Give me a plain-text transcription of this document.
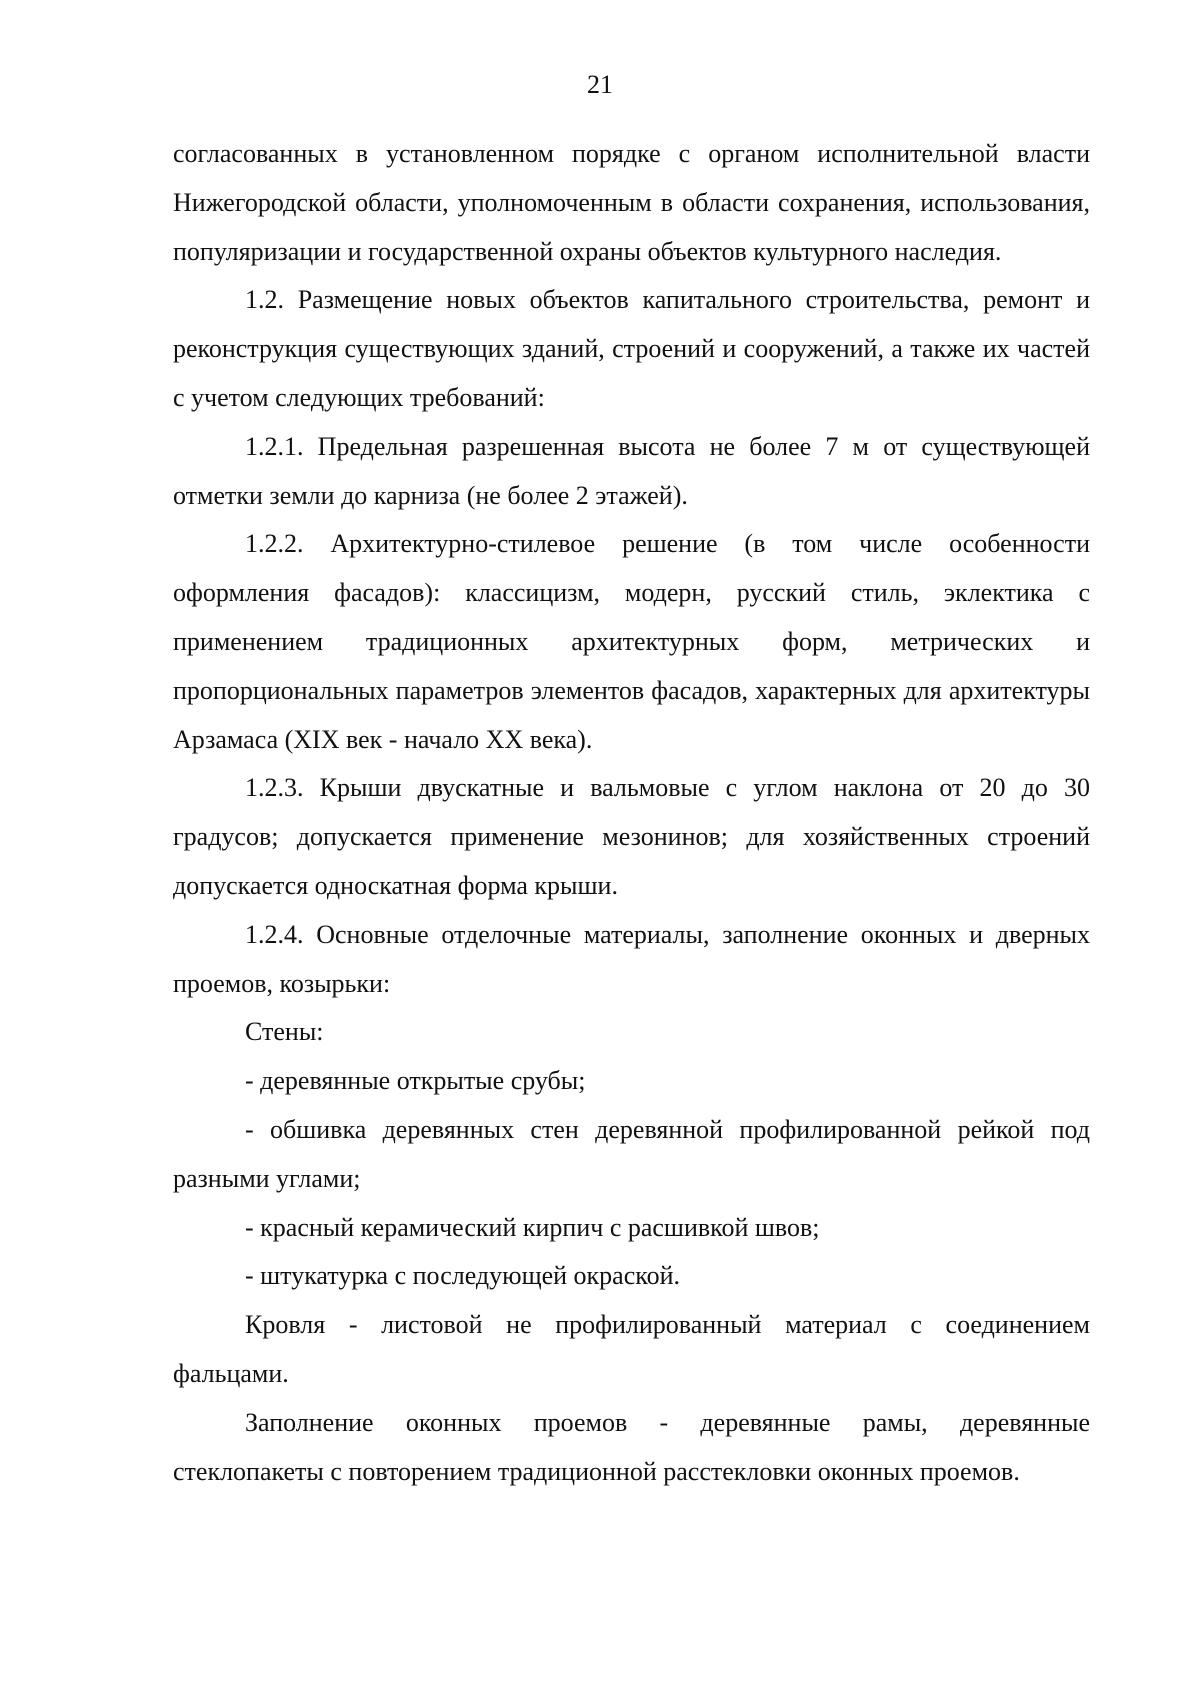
21

согласованных в установленном порядке с органом исполнительной власти Нижегородской области, уполномоченным в области сохранения, использования, популяризации и государственной охраны объектов культурного наследия.

1.2. Размещение новых объектов капитального строительства, ремонт и реконструкция существующих зданий, строений и сооружений, а также их частей с учетом следующих требований:

1.2.1. Предельная разрешенная высота не более 7 м от существующей отметки земли до карниза (не более 2 этажей).

1.2.2. Архитектурно-стилевое решение (в том числе особенности оформления фасадов): классицизм, модерн, русский стиль, эклектика с применением традиционных архитектурных форм, метрических и пропорциональных параметров элементов фасадов, характерных для архитектуры Арзамаса (XIX век - начало XX века).

1.2.3. Крыши двускатные и вальмовые с углом наклона от 20 до 30 градусов; допускается применение мезонинов; для хозяйственных строений допускается односкатная форма крыши.

1.2.4. Основные отделочные материалы, заполнение оконных и дверных проемов, козырьки:

Стены:

- деревянные открытые срубы;

- обшивка деревянных стен деревянной профилированной рейкой под разными углами;

- красный керамический кирпич с расшивкой швов;

- штукатурка с последующей окраской.

Кровля - листовой не профилированный материал с соединением фальцами.

Заполнение оконных проемов - деревянные рамы, деревянные стеклопакеты с повторением традиционной расстекловки оконных проемов.
